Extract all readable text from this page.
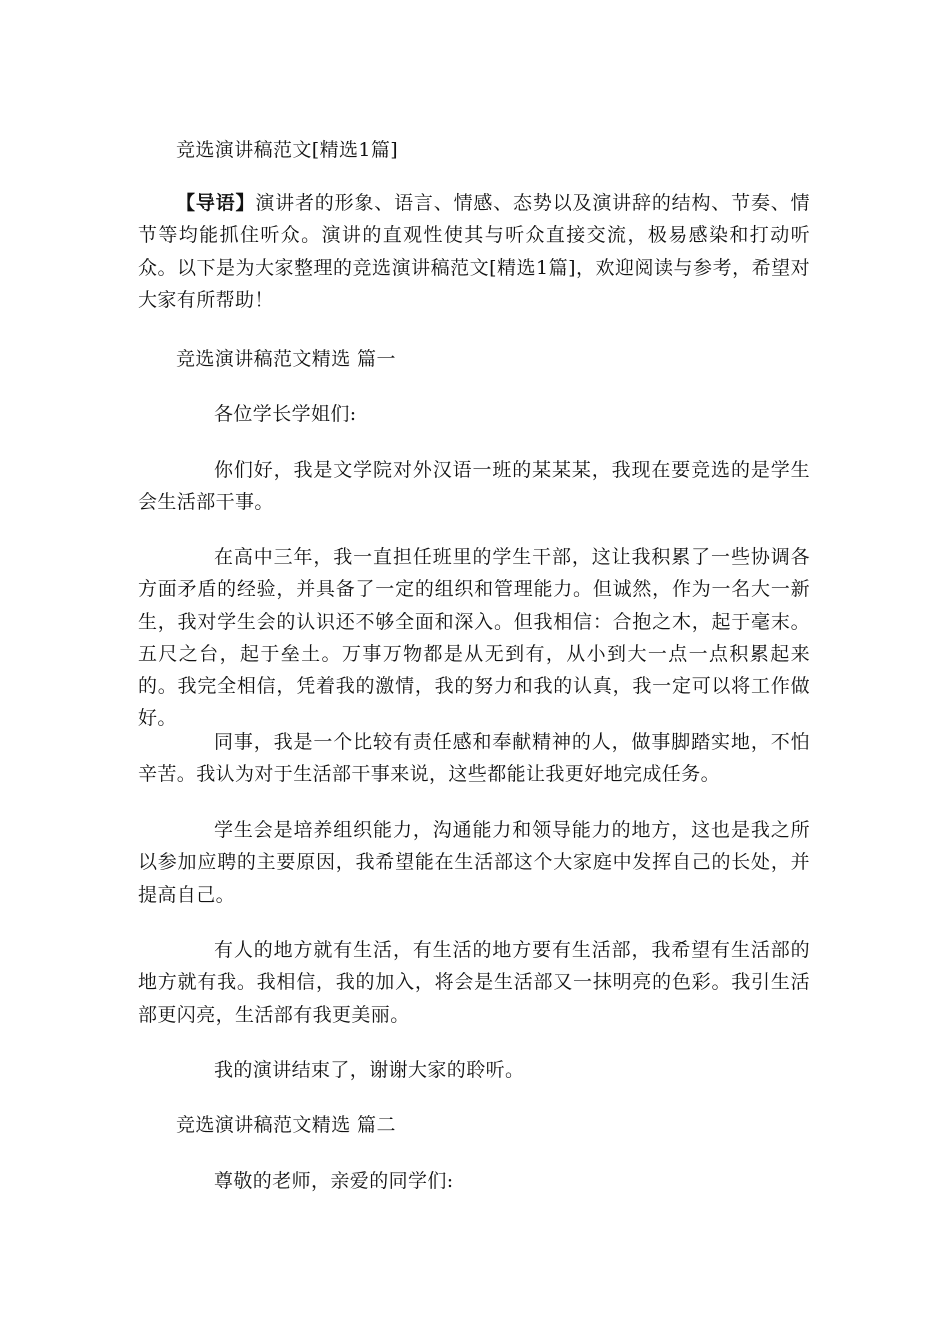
竞选演讲稿范文[精选1篇]
【导语】演讲者的形象、语言、情感、态势以及演讲辞的结构、节奏、情节等均能抓住听众。演讲的直观性使其与听众直接交流，极易感染和打动听众。以下是为大家整理的竞选演讲稿范文[精选1篇]，欢迎阅读与参考，希望对大家有所帮助！
竞选演讲稿范文精选 篇一
各位学长学姐们:
你们好，我是文学院对外汉语一班的某某某，我现在要竞选的是学生会生活部干事。
在高中三年，我一直担任班里的学生干部，这让我积累了一些协调各方面矛盾的经验，并具备了一定的组织和管理能力。但诚然，作为一名大一新生，我对学生会的认识还不够全面和深入。但我相信：合抱之木，起于毫末。五尺之台，起于垒土。万事万物都是从无到有，从小到大一点一点积累起来的。我完全相信，凭着我的激情，我的努力和我的认真，我一定可以将工作做好。
同事，我是一个比较有责任感和奉献精神的人，做事脚踏实地，不怕辛苦。我认为对于生活部干事来说，这些都能让我更好地完成任务。
学生会是培养组织能力，沟通能力和领导能力的地方，这也是我之所以参加应聘的主要原因，我希望能在生活部这个大家庭中发挥自己的长处，并提高自己。
有人的地方就有生活，有生活的地方要有生活部，我希望有生活部的地方就有我。我相信，我的加入，将会是生活部又一抹明亮的色彩。我引生活部更闪亮，生活部有我更美丽。
我的演讲结束了，谢谢大家的聆听。
竞选演讲稿范文精选 篇二
尊敬的老师，亲爱的同学们:
